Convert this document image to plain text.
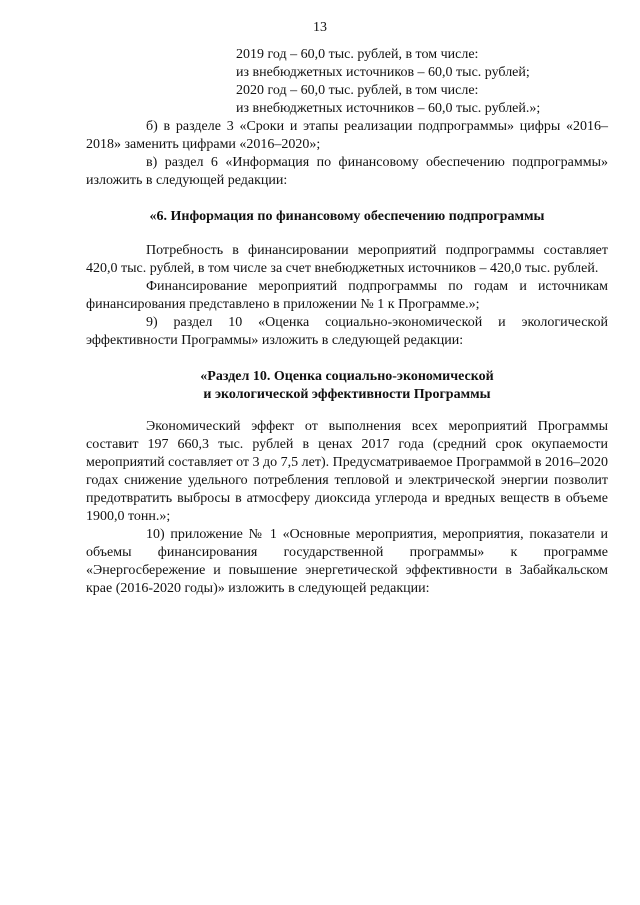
13
2019 год – 60,0 тыс. рублей, в том числе:
из внебюджетных источников – 60,0 тыс. рублей;
2020 год – 60,0 тыс. рублей, в том числе:
из внебюджетных источников – 60,0 тыс. рублей.»;

б) в разделе 3 «Сроки и этапы реализации подпрограммы» цифры «2016–2018» заменить цифрами «2016–2020»;

в) раздел 6 «Информация по финансовому обеспечению подпрограммы» изложить в следующей редакции:

«6. Информация по финансовому обеспечению подпрограммы

Потребность в финансировании мероприятий подпрограммы составляет 420,0 тыс. рублей, в том числе за счет внебюджетных источников – 420,0 тыс. рублей.

Финансирование мероприятий подпрограммы по годам и источникам финансирования представлено в приложении № 1 к Программе.»;

9) раздел 10 «Оценка социально-экономической и экологической эффективности Программы» изложить в следующей редакции:

«Раздел 10. Оценка социально-экономической
и экологической эффективности Программы

Экономический эффект от выполнения всех мероприятий Программы составит 197 660,3 тыс. рублей в ценах 2017 года (средний срок окупаемости мероприятий составляет от 3 до 7,5 лет). Предусматриваемое Программой в 2016–2020 годах снижение удельного потребления тепловой и электрической энергии позволит предотвратить выбросы в атмосферу диоксида углерода и вредных веществ в объеме 1900,0 тонн.»;

10) приложение № 1 «Основные мероприятия, мероприятия, показатели и объемы финансирования государственной программы» к программе «Энергосбережение и повышение энергетической эффективности в Забайкальском крае (2016-2020 годы)» изложить в следующей редакции:
